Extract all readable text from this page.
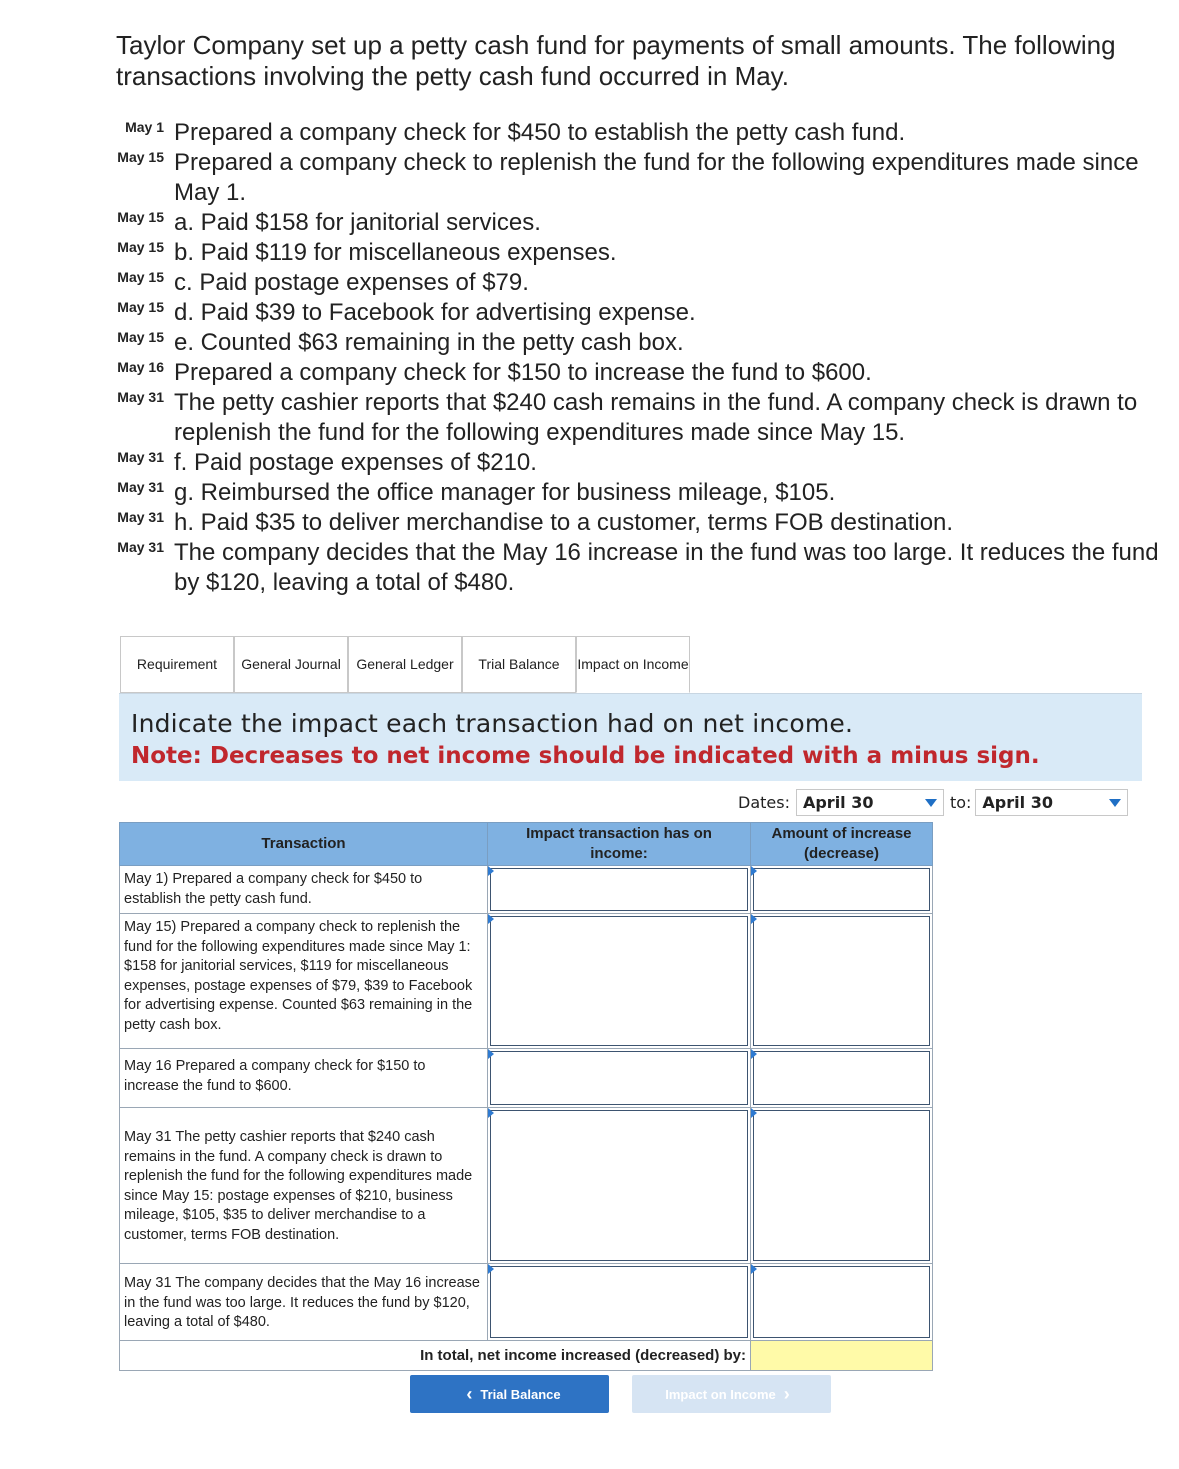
Taylor Company set up a petty cash fund for payments of small amounts. The following transactions involving the petty cash fund occurred in May.
May 1 Prepared a company check for $450 to establish the petty cash fund.
May 15 Prepared a company check to replenish the fund for the following expenditures made since May 1.
May 15 a. Paid $158 for janitorial services.
May 15 b. Paid $119 for miscellaneous expenses.
May 15 c. Paid postage expenses of $79.
May 15 d. Paid $39 to Facebook for advertising expense.
May 15 e. Counted $63 remaining in the petty cash box.
May 16 Prepared a company check for $150 to increase the fund to $600.
May 31 The petty cashier reports that $240 cash remains in the fund. A company check is drawn to replenish the fund for the following expenditures made since May 15.
May 31 f. Paid postage expenses of $210.
May 31 g. Reimbursed the office manager for business mileage, $105.
May 31 h. Paid $35 to deliver merchandise to a customer, terms FOB destination.
May 31 The company decides that the May 16 increase in the fund was too large. It reduces the fund by $120, leaving a total of $480.
Requirement	General Journal	General Ledger	Trial Balance	Impact on Income
Indicate the impact each transaction had on net income.
Note: Decreases to net income should be indicated with a minus sign.
Dates: April 30	to: April 30
Transaction	Impact transaction has on income:	Amount of increase (decrease)
May 1) Prepared a company check for $450 to establish the petty cash fund.	

May 15) Prepared a company check to replenish the fund for the following expenditures made since May 1: $158 for janitorial services, $119 for miscellaneous expenses, postage expenses of $79, $39 to Facebook for advertising expense. Counted $63 remaining in the petty cash box.	

May 16 Prepared a company check for $150 to increase the fund to $600.	

May 31 The petty cashier reports that $240 cash remains in the fund. A company check is drawn to replenish the fund for the following expenditures made since May 15: postage expenses of $210, business mileage, $105, $35 to deliver merchandise to a customer, terms FOB destination.	

May 31 The company decides that the May 16 increase in the fund was too large. It reduces the fund by $120, leaving a total of $480.	

In total, net income increased (decreased) by:		
‹ Trial Balance	Impact on Income ›
